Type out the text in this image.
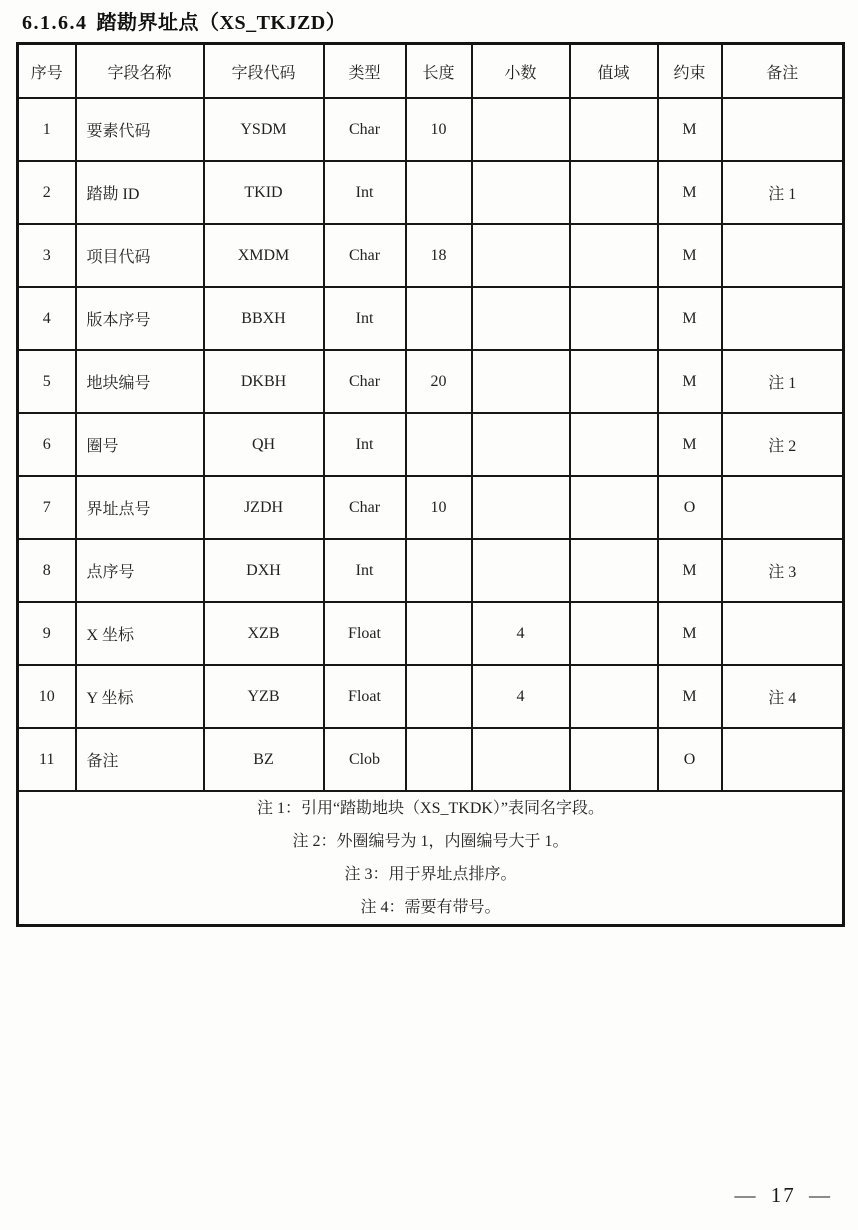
6.1.6.4 踏勘界址点（XS_TKJZD）
序号	字段名称	字段代码	类型	长度	小数	值域	约束	备注
1	要素代码	YSDM	Char	10			M	
2	踏勘 ID	TKID	Int				M	注 1
3	项目代码	XMDM	Char	18			M	
4	版本序号	BBXH	Int				M	
5	地块编号	DKBH	Char	20			M	注 1
6	圈号	QH	Int				M	注 2
7	界址点号	JZDH	Char	10			O	
8	点序号	DXH	Int				M	注 3
9	X 坐标	XZB	Float		4		M	
10	Y 坐标	YZB	Float		4		M	注 4
11	备注	BZ	Clob				O	

注 1：引用“踏勘地块（XS_TKDK）”表同名字段。
注 2：外圈编号为 1，内圈编号大于 1。
注 3：用于界址点排序。
注 4：需要有带号。								
— 17 —
